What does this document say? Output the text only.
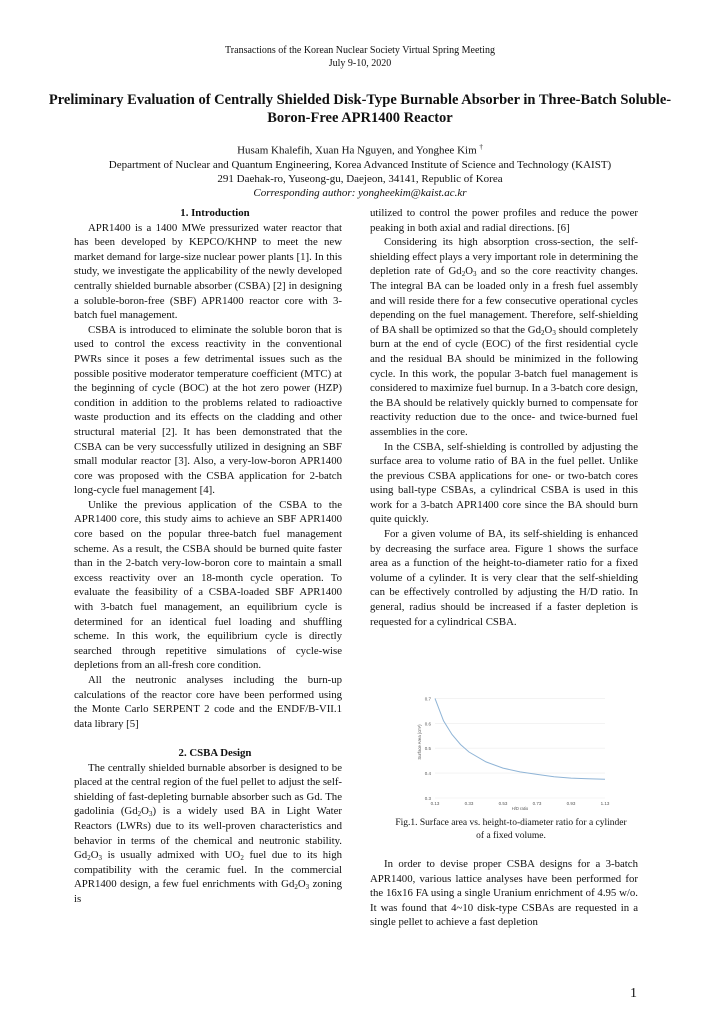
Transactions of the Korean Nuclear Society Virtual Spring Meeting
July 9-10, 2020
Preliminary Evaluation of Centrally Shielded Disk-Type Burnable Absorber in Three-Batch Soluble-Boron-Free APR1400 Reactor
Husam Khalefih, Xuan Ha Nguyen, and Yonghee Kim †
Department of Nuclear and Quantum Engineering, Korea Advanced Institute of Science and Technology (KAIST)
291 Daehak-ro, Yuseong-gu, Daejeon, 34141, Republic of Korea
Corresponding author: yongheekim@kaist.ac.kr

1. Introduction

APR1400 is a 1400 MWe pressurized water reactor that has been developed by KEPCO/KHNP to meet the new market demand for large-size nuclear power plants [1]. In this study, we investigate the applicability of the newly developed centrally shielded burnable absorber (CSBA) [2] in designing a soluble-boron-free (SBF) APR1400 reactor core with 3-batch fuel management.

CSBA is introduced to eliminate the soluble boron that is used to control the excess reactivity in the conventional PWRs since it poses a few detrimental issues such as the possible positive moderator temperature coefficient (MTC) at the beginning of cycle (BOC) at the hot zero power (HZP) condition in addition to the problems related to radioactive waste production and its effects on the cladding and other structural material [2]. It has been demonstrated that the CSBA can be very successfully utilized in designing an SBF small modular reactor [3]. Also, a very-low-boron APR1400 core was proposed with the CSBA application for 2-batch long-cycle fuel management [4].

Unlike the previous application of the CSBA to the APR1400 core, this study aims to achieve an SBF APR1400 core based on the popular three-batch fuel management scheme. As a result, the CSBA should be burned quite faster than in the 2-batch very-low-boron core to maintain a small excess reactivity over an 18-month cycle operation. To evaluate the feasibility of a CSBA-loaded SBF APR1400 with 3-batch fuel management, an equilibrium cycle is determined for an identical fuel loading and shuffling scheme. In this work, the equilibrium cycle is directly searched through repetitive simulations of cycle-wise depletions from an all-fresh core condition.

All the neutronic analyses including the burn-up calculations of the reactor core have been performed using the Monte Carlo SERPENT 2 code and the ENDF/B-VII.1 data library [5]

2. CSBA Design

The centrally shielded burnable absorber is designed to be placed at the central region of the fuel pellet to adjust the self-shielding of fast-depleting burnable absorber such as Gd. The gadolinia $(Gd_2O_3)$ is a widely used BA in Light Water Reactors (LWRs) due to its well-proven characteristics and behavior in terms of the chemical and neutronic stability. $Gd_2O_3$ is usually admixed with $UO_2$ fuel due to its high compatibility with the ceramic fuel. In the commercial APR1400 design, a few fuel enrichments with $Gd_2O_3$ zoning is

utilized to control the power profiles and reduce the power peaking in both axial and radial directions. [6]

Considering its high absorption cross-section, the self-shielding effect plays a very important role in determining the depletion rate of $Gd_2O_3$ and so the core reactivity changes. The integral BA can be loaded only in a fresh fuel assembly and will reside there for a few consecutive operational cycles depending on the fuel management. Therefore, self-shielding of BA shall be optimized so that the $Gd_2O_3$ should completely burn at the end of cycle (EOC) of the first residential cycle and the residual BA should be minimized in the following cycle. In this work, the popular 3-batch fuel management is considered to maximize fuel burnup. In a 3-batch core design, the BA should be relatively quickly burned to compensate for reactivity reduction due to the once- and twice-burned fuel assemblies in the core.

In the CSBA, self-shielding is controlled by adjusting the surface area to volume ratio of BA in the fuel pellet. Unlike the previous CSBA applications for one- or two-batch cores using ball-type CSBAs, a cylindrical CSBA is used in this work for a 3-batch APR1400 core since the BA should burn quite quickly.

For a given volume of BA, its self-shielding is enhanced by decreasing the surface area. Figure 1 shows the surface area as a function of the height-to-diameter ratio for a fixed volume of a cylinder. It is very clear that the self-shielding can be effectively controlled by adjusting the H/D ratio. In general, radius should be increased if a faster depletion is requested for a cylindrical CSBA.

0.3
0.4
0.5
0.6
0.7
0.13	0.33	0.53	0.73	0.93	1.13
H/D ratio
Surface Area (cm²)
Fig.1. Surface area vs. height-to-diameter ratio for a cylinder of a fixed volume.

In order to devise proper CSBA designs for a 3-batch APR1400, various lattice analyses have been performed for the 16x16 FA using a single Uranium enrichment of 4.95 w/o. It was found that 4~10 disk-type CSBAs are requested in a single pellet to achieve a fast depletion

1
